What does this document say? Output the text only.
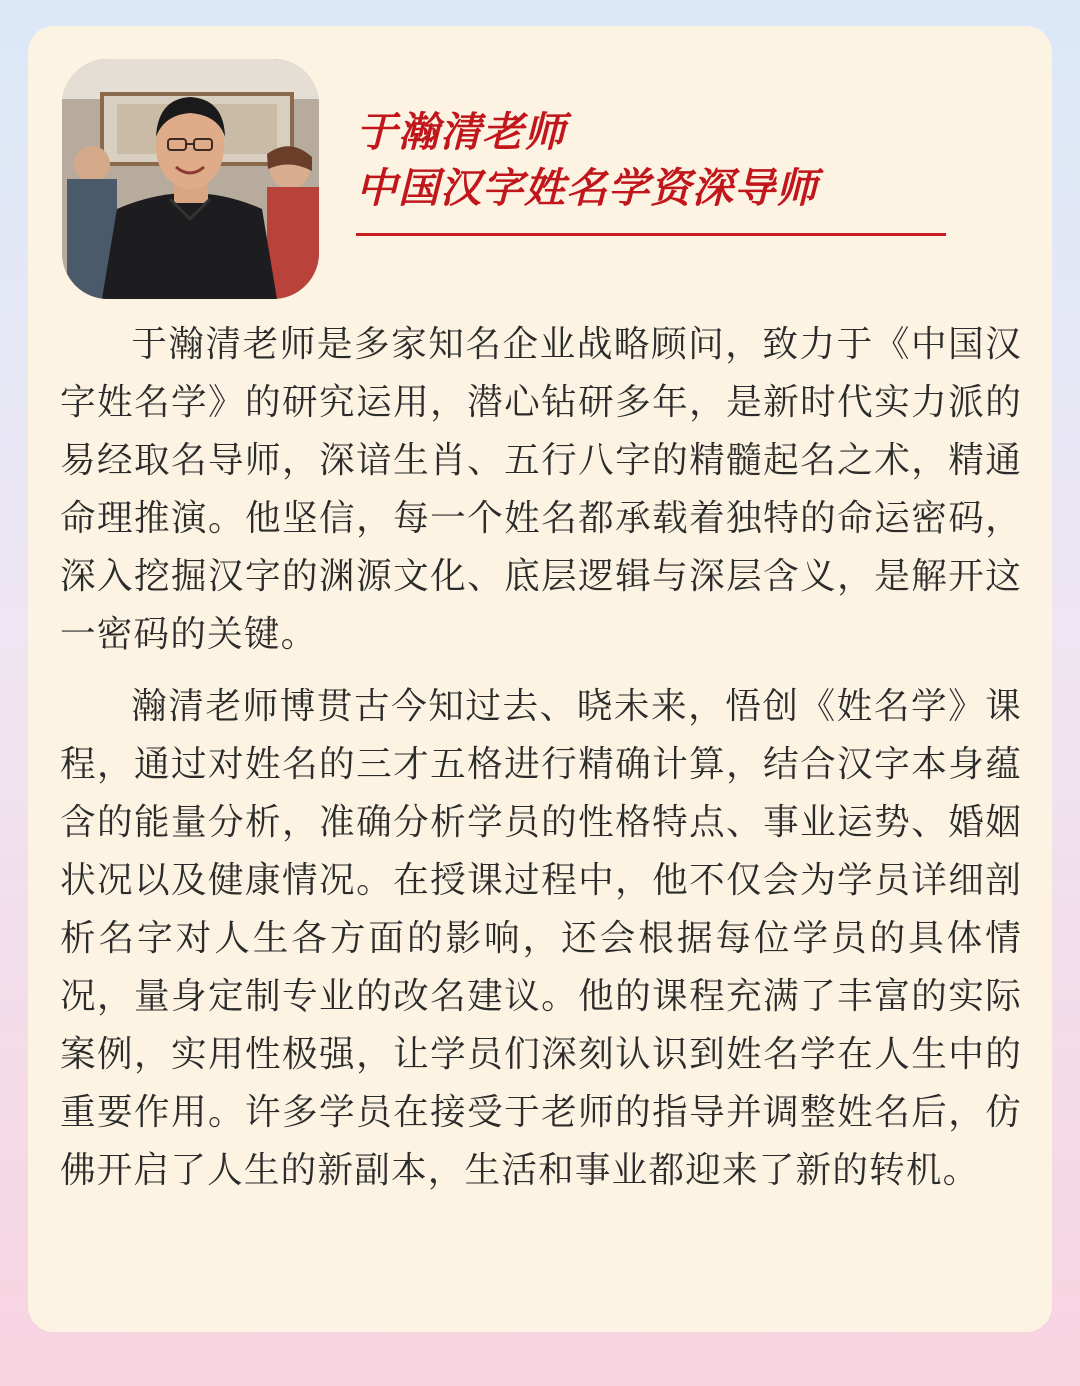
于瀚清老师
中国汉字姓名学资深导师

于瀚清老师是多家知名企业战略顾问，致力于《中国汉字姓名学》的研究运用，潜心钻研多年，是新时代实力派的易经取名导师，深谙生肖、五行八字的精髓起名之术，精通命理推演。他坚信，每一个姓名都承载着独特的命运密码，深入挖掘汉字的渊源文化、底层逻辑与深层含义，是解开这一密码的关键。

瀚清老师博贯古今知过去、晓未来，悟创《姓名学》课程，通过对姓名的三才五格进行精确计算，结合汉字本身蕴含的能量分析，准确分析学员的性格特点、事业运势、婚姻状况以及健康情况。在授课过程中，他不仅会为学员详细剖析名字对人生各方面的影响，还会根据每位学员的具体情况，量身定制专业的改名建议。他的课程充满了丰富的实际案例，实用性极强，让学员们深刻认识到姓名学在人生中的重要作用。许多学员在接受于老师的指导并调整姓名后，仿佛开启了人生的新副本，生活和事业都迎来了新的转机。
